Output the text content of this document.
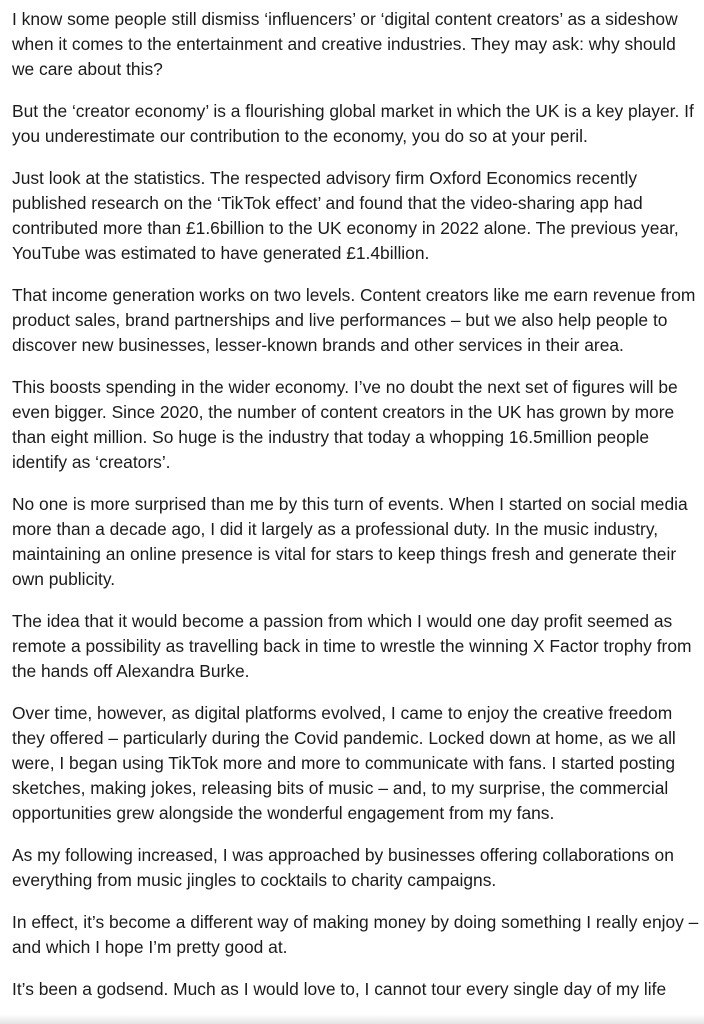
I know some people still dismiss ‘influencers’ or ‘digital content creators’ as a sideshow when it comes to the entertainment and creative industries. They may ask: why should we care about this?

But the ‘creator economy’ is a flourishing global market in which the UK is a key player. If you underestimate our contribution to the economy, you do so at your peril.

Just look at the statistics. The respected advisory firm Oxford Economics recently published research on the ‘TikTok effect’ and found that the video-sharing app had contributed more than £1.6billion to the UK economy in 2022 alone. The previous year, YouTube was estimated to have generated £1.4billion.

That income generation works on two levels. Content creators like me earn revenue from product sales, brand partnerships and live performances – but we also help people to discover new businesses, lesser-known brands and other services in their area.

This boosts spending in the wider economy. I’ve no doubt the next set of figures will be even bigger. Since 2020, the number of content creators in the UK has grown by more than eight million. So huge is the industry that today a whopping 16.5million people identify as ‘creators’.

No one is more surprised than me by this turn of events. When I started on social media more than a decade ago, I did it largely as a professional duty. In the music industry, maintaining an online presence is vital for stars to keep things fresh and generate their own publicity.

The idea that it would become a passion from which I would one day profit seemed as remote a possibility as travelling back in time to wrestle the winning X Factor trophy from the hands off Alexandra Burke.

Over time, however, as digital platforms evolved, I came to enjoy the creative freedom they offered – particularly during the Covid pandemic. Locked down at home, as we all were, I began using TikTok more and more to communicate with fans. I started posting sketches, making jokes, releasing bits of music – and, to my surprise, the commercial opportunities grew alongside the wonderful engagement from my fans.

As my following increased, I was approached by businesses offering collaborations on everything from music jingles to cocktails to charity campaigns.

In effect, it’s become a different way of making money by doing something I really enjoy – and which I hope I’m pretty good at.

It’s been a godsend. Much as I would love to, I cannot tour every single day of my life
